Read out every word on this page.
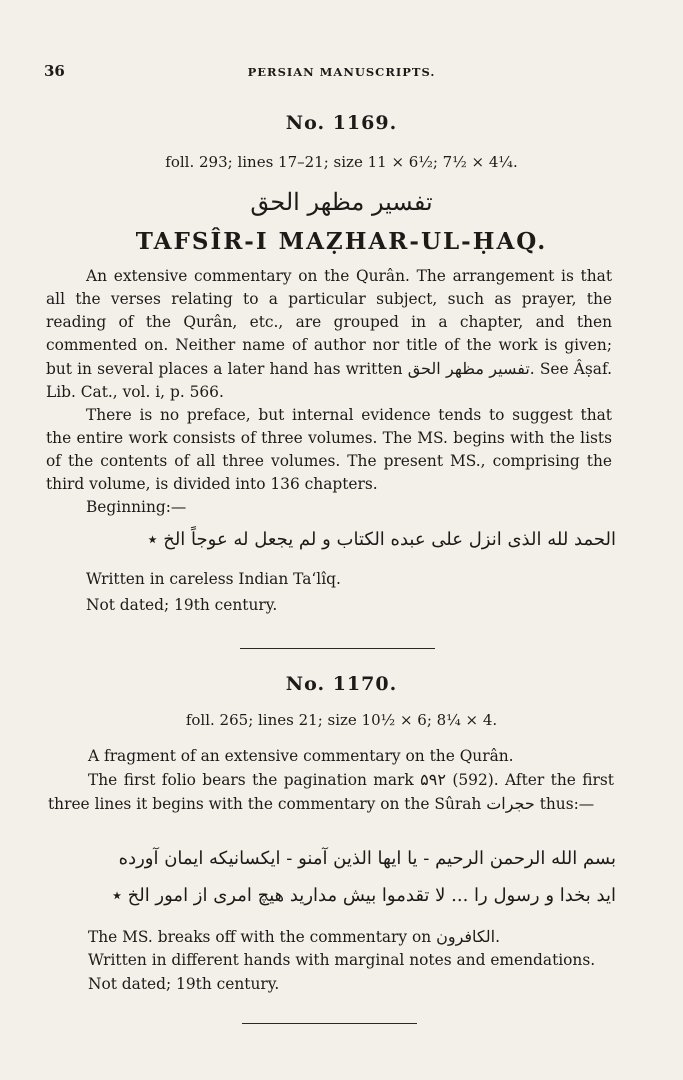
36	PERSIAN MANUSCRIPTS.
No. 1169.
foll. 293; lines 17–21; size 11 × 6½; 7½ × 4¼.
تفسیر مظهر الحق
TAFSÎR-I MAẒHAR-UL-ḤAQ.

An extensive commentary on the Qurân. The arrangement is that all the verses relating to a particular subject, such as prayer, the reading of the Qurân, etc., are grouped in a chapter, and then commented on. Neither name of author nor title of the work is given; but in several places a later hand has written تفسیر مظهر الحق. See Âṣaf. Lib. Cat., vol. i, p. 566.

There is no preface, but internal evidence tends to suggest that the entire work consists of three volumes. The MS. begins with the lists of the contents of all three volumes. The present MS., comprising the third volume, is divided into 136 chapters.

Beginning:—

الحمد لله الذی انزل علی عبده الکتاب و لم یجعل له عوجاً الخ ٭
Written in careless Indian Ta‘lîq.
Not dated; 19th century.
No. 1170.
foll. 265; lines 21; size 10½ × 6; 8¼ × 4.

A fragment of an extensive commentary on the Qurân.

The first folio bears the pagination mark ۵۹۲ (592). After the first three lines it begins with the commentary on the Sûrah حجرات thus:—

بسم الله الرحمن الرحیم - یا ایها الذین آمنو - ایکسانیکه ایمان آورده
اید بخدا و رسول را ... لا تقدموا بیش مدارید هیچ امری از امور الخ ٭
The MS. breaks off with the commentary on الکافرون.
Written in different hands with marginal notes and emendations.
Not dated; 19th century.
